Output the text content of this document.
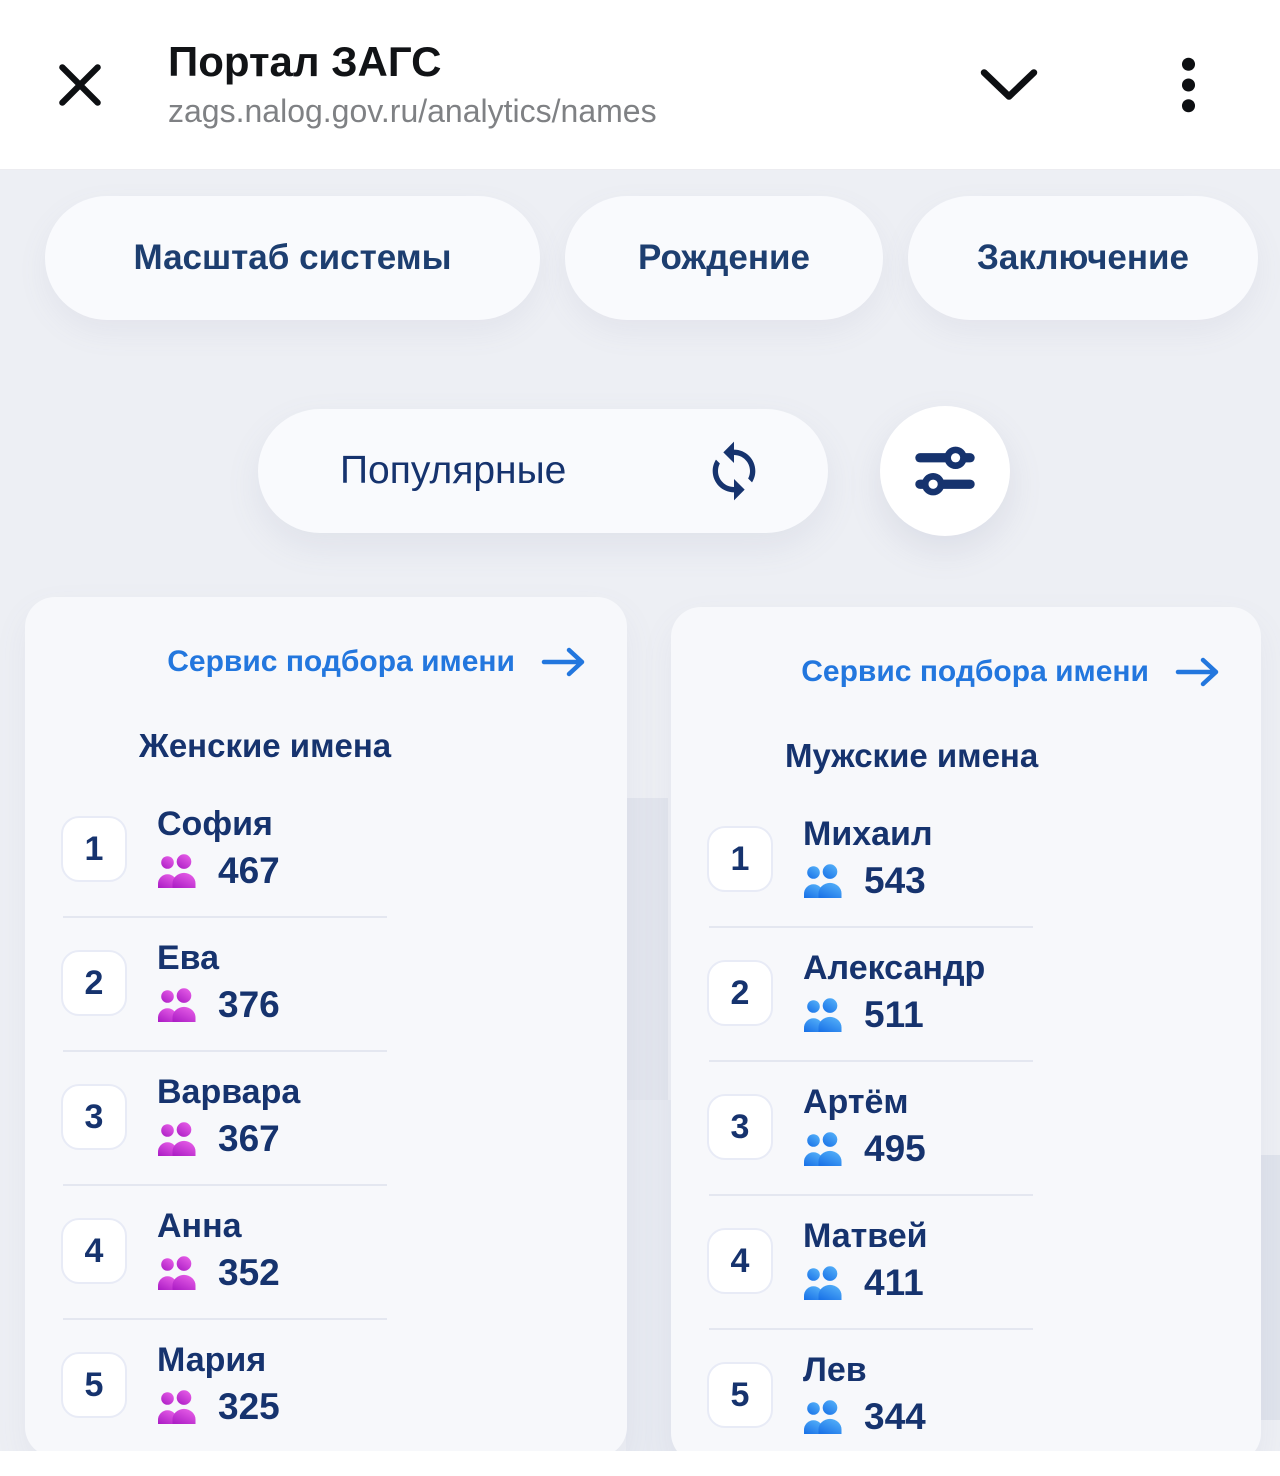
Портал ЗАГС
zags.nalog.gov.ru/analytics/names
Масштаб системы	Рождение	Заключение
Популярные
Сервис подбора имени
Женские имена
1
София
467
2
Ева
376
3
Варвара
367
4
Анна
352
5
Мария
325
Сервис подбора имени
Мужские имена
1
Михаил
543
2
Александр
511
3
Артём
495
4
Матвей
411
5
Лев
344
